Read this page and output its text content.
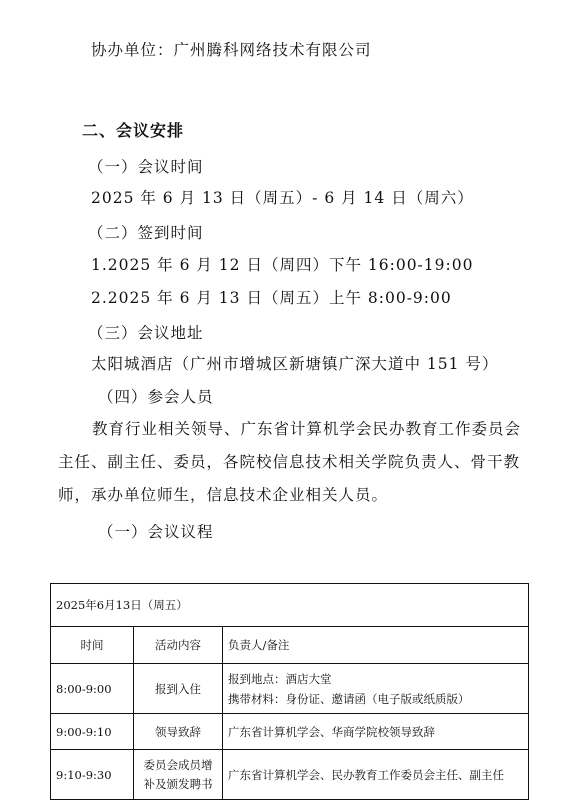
协办单位：广州腾科网络技术有限公司
二、会议安排
（一）会议时间
2025 年 6 月 13 日（周五）- 6 月 14 日（周六）
（二）签到时间
1.2025 年 6 月 12 日（周四）下午 16:00-19:00
2.2025 年 6 月 13 日（周五）上午 8:00-9:00
（三）会议地址
太阳城酒店（广州市增城区新塘镇广深大道中 151 号）
（四）参会人员
教育行业相关领导、广东省计算机学会民办教育工作委员会主任、副主任、委员，各院校信息技术相关学院负责人、骨干教师，承办单位师生，信息技术企业相关人员。
（一）会议议程
2025年6月13日（周五）		
时间	活动内容	负责人/备注
8:00-9:00	报到入住	报到地点：酒店大堂
携带材料：身份证、邀请函（电子版或纸质版）

9:00-9:10	领导致辞	广东省计算机学会、华商学院校领导致辞

9:10-9:30	委员会成员增补及颁发聘书	广东省计算机学会、民办教育工作委员会主任、副主任
